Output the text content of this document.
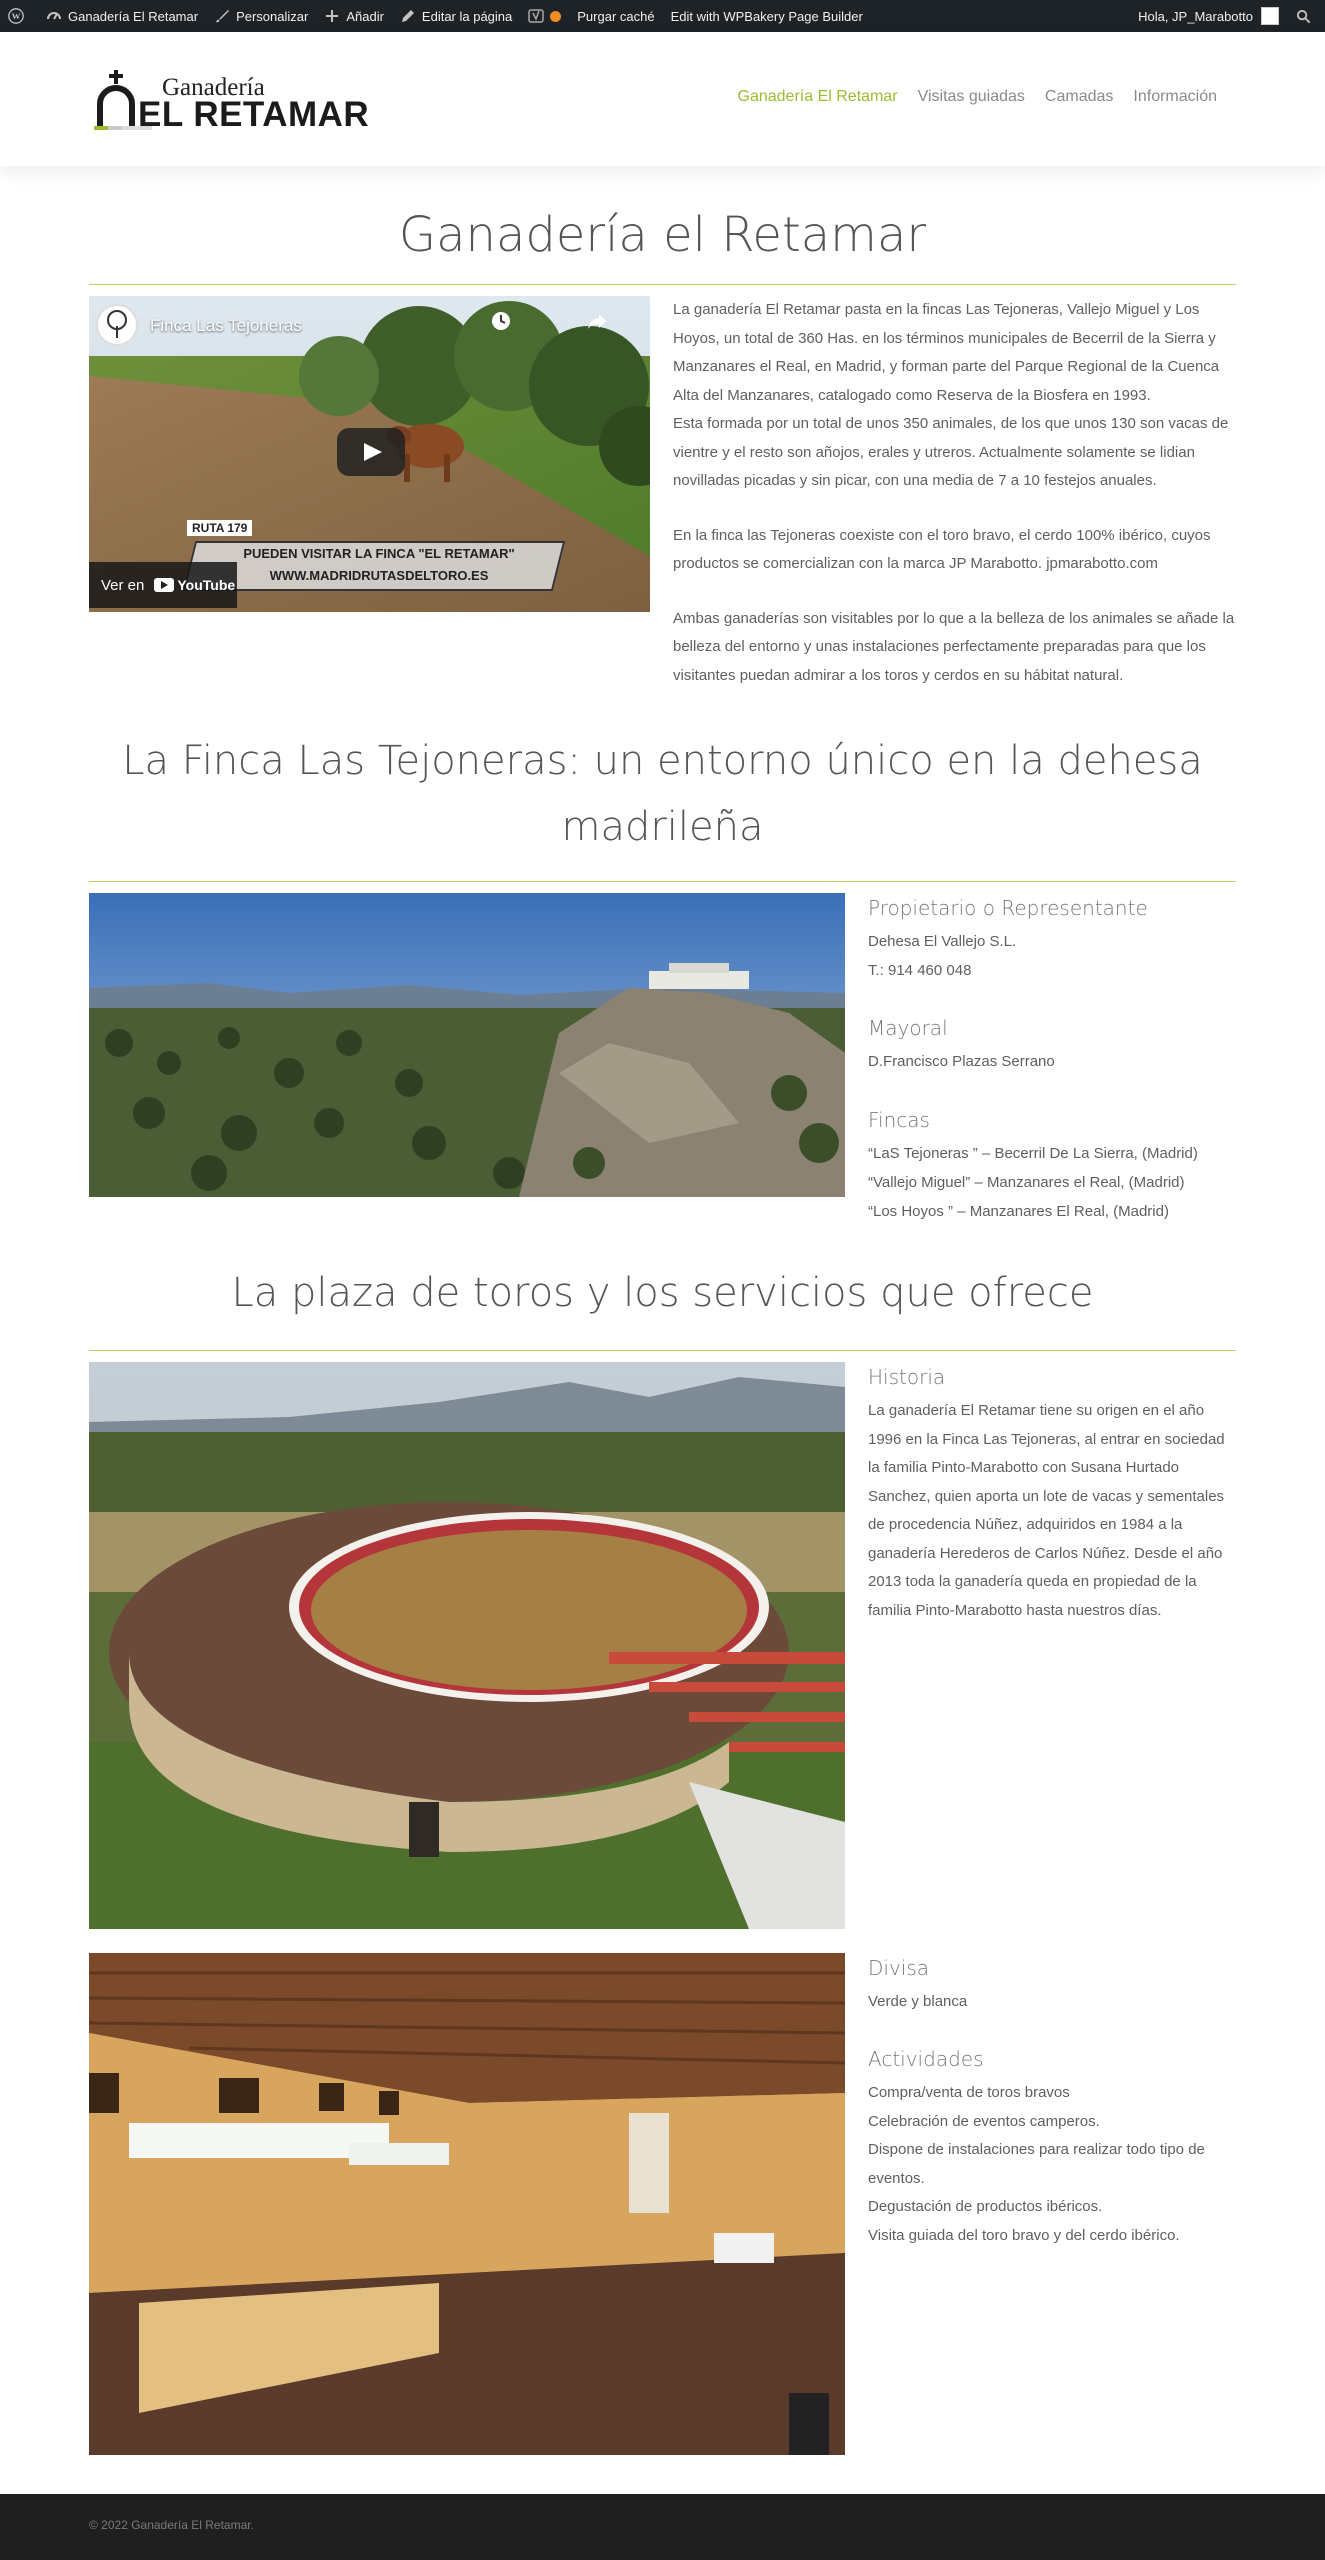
W	Ganadería El Retamar	Personalizar	Añadir	Editar la página	Purgar caché Edit with WPBakery Page Builder	Hola, JP_Marabotto
Ganadería
EL RETAMAR	Ganadería El Retamar	Visitas guiadas	Camadas	Información
Ganadería el Retamar
Finca Las Tejoneras
RUTA 179
PUEDEN VISITAR LA FINCA "EL RETAMAR"
WWW.MADRIDRUTASDELTORO.ES
Ver en YouTube

La ganadería El Retamar pasta en la fincas Las Tejoneras, Vallejo Miguel y Los Hoyos, un total de 360 Has. en los términos municipales de Becerril de la Sierra y Manzanares el Real, en Madrid, y forman parte del Parque Regional de la Cuenca Alta del Manzanares, catalogado como Reserva de la Biosfera en 1993.

Esta formada por un total de unos 350 animales, de los que unos 130 son vacas de vientre y el resto son añojos, erales y utreros. Actualmente solamente se lidian novilladas picadas y sin picar, con una media de 7 a 10 festejos anuales.

En la finca las Tejoneras coexiste con el toro bravo, el cerdo 100% ibérico, cuyos productos se comercializan con la marca JP Marabotto. jpmarabotto.com

Ambas ganaderías son visitables por lo que a la belleza de los animales se añade la belleza del entorno y unas instalaciones perfectamente preparadas para que los visitantes puedan admirar a los toros y cerdos en su hábitat natural.

La Finca Las Tejoneras: un entorno único en la dehesa
madrileña
Propietario o Representante
Dehesa El Vallejo S.L.
T.: 914 460 048
Mayoral
D.Francisco Plazas Serrano
Fincas
“LaS Tejoneras ” – Becerril De La Sierra, (Madrid)
“Vallejo Miguel” – Manzanares el Real, (Madrid)
“Los Hoyos ” – Manzanares El Real, (Madrid)
La plaza de toros y los servicios que ofrece
Historia
La ganadería El Retamar tiene su origen en el año 1996 en la Finca Las Tejoneras, al entrar en sociedad la familia Pinto-Marabotto con Susana Hurtado Sanchez, quien aporta un lote de vacas y sementales de procedencia Núñez, adquiridos en 1984 a la ganadería Herederos de Carlos Núñez. Desde el año 2013 toda la ganadería queda en propiedad de la familia Pinto-Marabotto hasta nuestros días.
Divisa
Verde y blanca
Actividades
Compra/venta de toros bravos
Celebración de eventos camperos.
Dispone de instalaciones para realizar todo tipo de
eventos.
Degustación de productos ibéricos.
Visita guiada del toro bravo y del cerdo ibérico.
© 2022 Ganadería El Retamar.
